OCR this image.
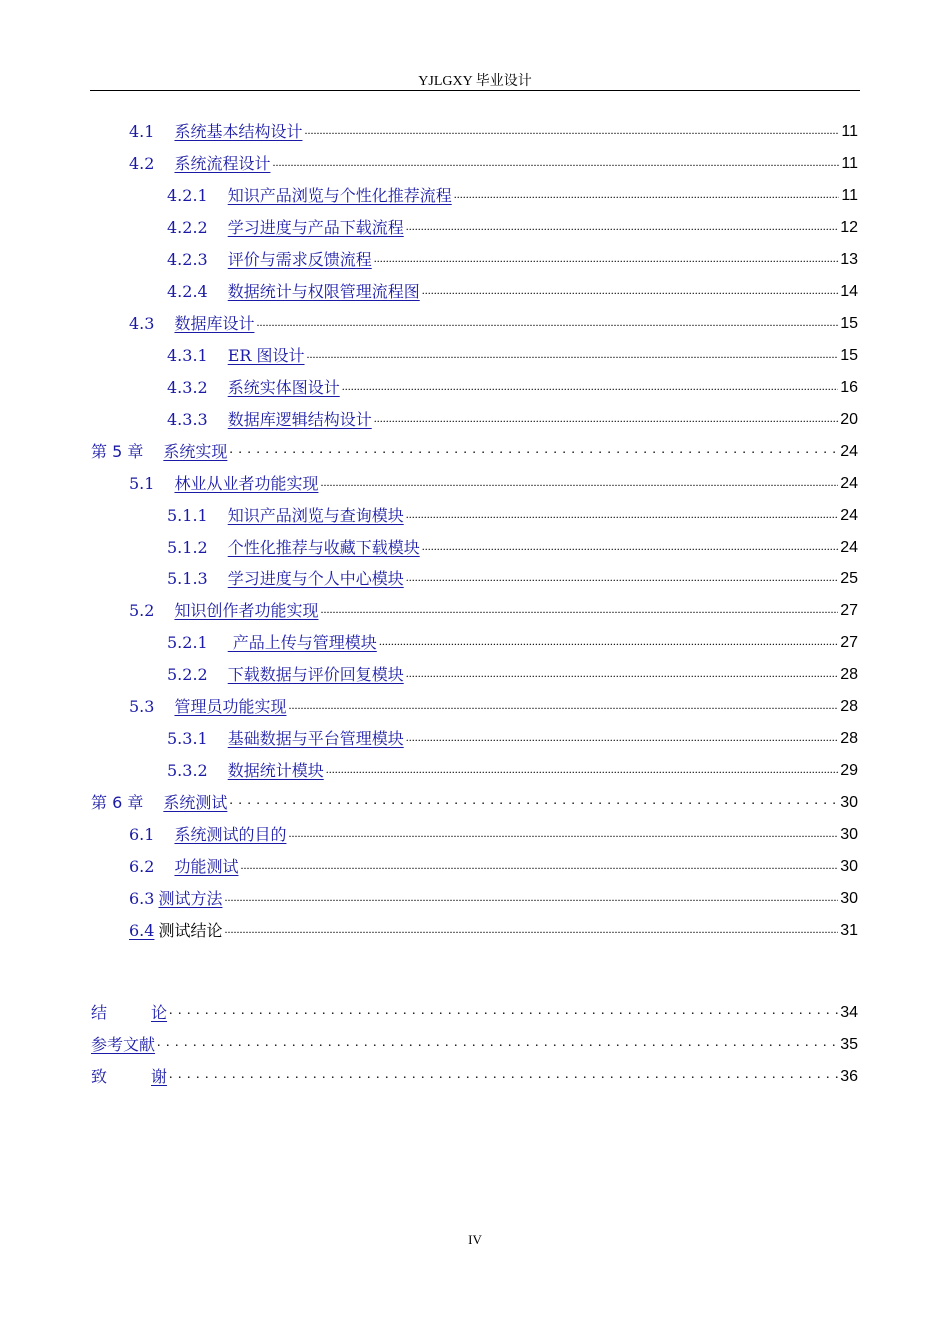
YJLGXY 毕业设计
4.1 系统基本结构设计 .....	11
4.2 系统流程设计 .....	11
4.2.1 知识产品浏览与个性化推荐流程 .....	11
4.2.2 学习进度与产品下载流程 .....	12
4.2.3 评价与需求反馈流程 .....	13
4.2.4 数据统计与权限管理流程图 .....	14
4.3 数据库设计 .....	15
4.3.1 ER 图设计 .....	15
4.3.2 系统实体图设计 .....	16
4.3.3 数据库逻辑结构设计 .....	20
第 5 章 系统实现 . . .	24
5.1 林业从业者功能实现 .....	24
5.1.1 知识产品浏览与查询模块 .....	24
5.1.2 个性化推荐与收藏下载模块 .....	24
5.1.3 学习进度与个人中心模块 .....	25
5.2 知识创作者功能实现 .....	27
5.2.1 产品上传与管理模块 .....	27
5.2.2 下载数据与评价回复模块 .....	28
5.3 管理员功能实现 .....	28
5.3.1 基础数据与平台管理模块 .....	28
5.3.2 数据统计模块 .....	29
第 6 章 系统测试 . . .	30
6.1 系统测试的目的 .....	30
6.2 功能测试 .....	30
6.3 测试方法 .....	30
6.4 测试结论 .....	31
结	论 . . .	34
参考文献 . . .	35
致	谢 . . .	36
IV
